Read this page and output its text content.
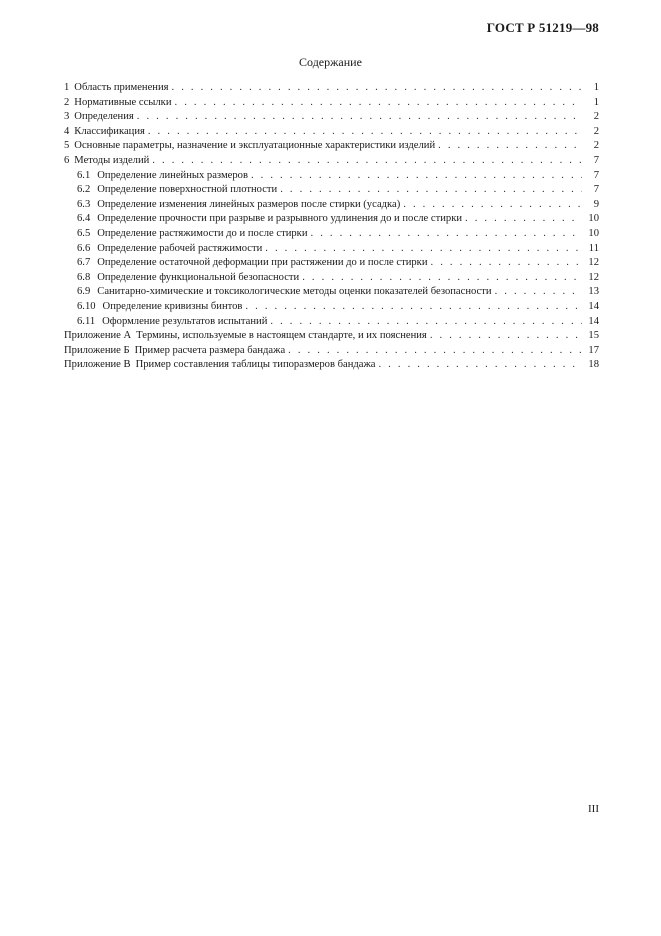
ГОСТ Р 51219—98
Содержание
1 Область применения . . .	1
2 Нормативные ссылки . . .	1
3 Определения . . .	2
4 Классификация . . .	2
5 Основные параметры, назначение и эксплуатационные характеристики изделий . . .	2
6 Методы изделий . . .	7
6.1 Определение линейных размеров . . .	7
6.2 Определение поверхностной плотности . . .	7
6.3 Определение изменения линейных размеров после стирки (усадка) . . .	9
6.4 Определение прочности при разрыве и разрывного удлинения до и после стирки . . .	10
6.5 Определение растяжимости до и после стирки . . .	10
6.6 Определение рабочей растяжимости . . .	11
6.7 Определение остаточной деформации при растяжении до и после стирки . . .	12
6.8 Определение функциональной безопасности . . .	12
6.9 Санитарно-химические и токсикологические методы оценки показателей безопасности . . .	13
6.10 Определение кривизны бинтов . . .	14
6.11 Оформление результатов испытаний . . .	14
Приложение А Термины, используемые в настоящем стандарте, и их пояснения . . .	15
Приложение Б Пример расчета размера бандажа . . .	17
Приложение В Пример составления таблицы типоразмеров бандажа . . .	18
III
